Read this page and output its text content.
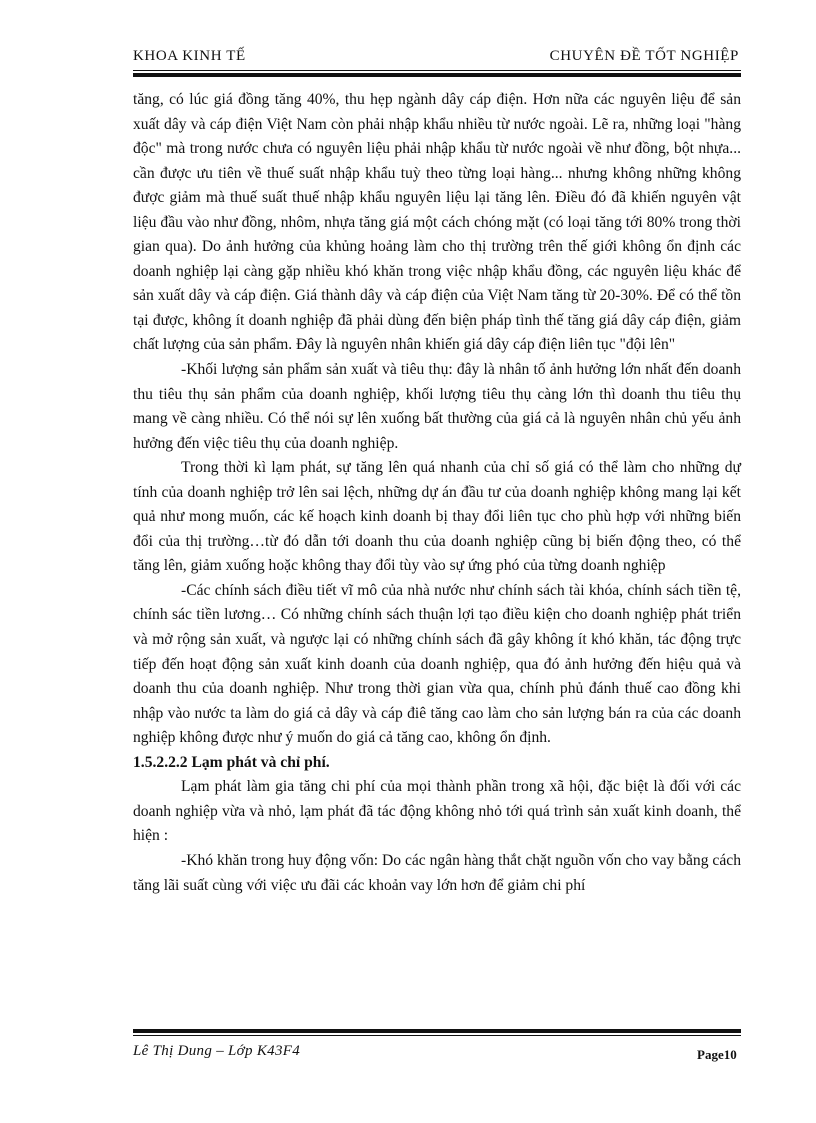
KHOA KINH TẾ	CHUYÊN ĐỀ TỐT NGHIỆP

tăng, có lúc giá đồng tăng 40%, thu hẹp ngành dây cáp điện. Hơn nữa các nguyên liệu để sản xuất dây và cáp điện Việt Nam còn phải nhập khẩu nhiều từ nước ngoài. Lẽ ra, những loại "hàng độc" mà trong nước chưa có nguyên liệu phải nhập khẩu từ nước ngoài về như đồng, bột nhựa... cần được ưu tiên về thuế suất nhập khẩu tuỳ theo từng loại hàng... nhưng không những không được giảm mà thuế suất thuế nhập khẩu nguyên liệu lại tăng lên. Điều đó đã khiến nguyên vật liệu đầu vào như đồng, nhôm, nhựa tăng giá một cách chóng mặt (có loại tăng tới 80% trong thời gian qua). Do ảnh hưởng của khủng hoảng làm cho thị trường trên thế giới không ổn định các doanh nghiệp lại càng gặp nhiều khó khăn trong việc nhập khẩu đồng, các nguyên liệu khác để sản xuất dây và cáp điện. Giá thành dây và cáp điện của Việt Nam tăng từ 20-30%. Để có thể tồn tại được, không ít doanh nghiệp đã phải dùng đến biện pháp tình thế tăng giá dây cáp điện, giảm chất lượng của sản phẩm. Đây là nguyên nhân khiến giá dây cáp điện liên tục "đội lên"

-Khối lượng sản phẩm sản xuất và tiêu thụ: đây là nhân tố ảnh hưởng lớn nhất đến doanh thu tiêu thụ sản phẩm của doanh nghiệp, khối lượng tiêu thụ càng lớn thì doanh thu tiêu thụ mang về càng nhiều. Có thể nói sự lên xuống bất thường của giá cả là nguyên nhân chủ yếu ảnh hưởng đến việc tiêu thụ của doanh nghiệp.

Trong thời kì lạm phát, sự tăng lên quá nhanh của chỉ số giá có thể làm cho những dự tính của doanh nghiệp trở lên sai lệch, những dự án đầu tư của doanh nghiệp không mang lại kết quả như mong muốn, các kế hoạch kinh doanh bị thay đổi liên tục cho phù hợp với những biến đổi của thị trường…từ đó dẫn tới doanh thu của doanh nghiệp cũng bị biến động theo, có thể tăng lên, giảm xuống hoặc không thay đổi tùy vào sự ứng phó của từng doanh nghiệp

-Các chính sách điều tiết vĩ mô của nhà nước như chính sách tài khóa, chính sách tiền tệ, chính sác tiền lương… Có những chính sách thuận lợi tạo điều kiện cho doanh nghiệp phát triển và mở rộng sản xuất, và ngược lại có những chính sách đã gây không ít khó khăn, tác động trực tiếp đến hoạt động sản xuất kinh doanh của doanh nghiệp, qua đó ảnh hưởng đến hiệu quả và doanh thu của doanh nghiệp. Như trong thời gian vừa qua, chính phủ đánh thuế cao đồng khi nhập vào nước ta làm do giá cả dây và cáp điê tăng cao làm cho sản lượng bán ra của các doanh nghiệp không được như ý muốn do giá cả tăng cao, không ổn định.

1.5.2.2.2 Lạm phát và chỉ phí.

Lạm phát làm gia tăng chi phí của mọi thành phần trong xã hội, đặc biệt là đối với các doanh nghiệp vừa và nhỏ, lạm phát đã tác động không nhỏ tới quá trình sản xuất kinh doanh, thể hiện :

-Khó khăn trong huy động vốn: Do các ngân hàng thắt chặt nguồn vốn cho vay bằng cách tăng lãi suất cùng với việc ưu đãi các khoản vay lớn hơn để giảm chi phí

Lê Thị Dung – Lớp K43F4	Page10
